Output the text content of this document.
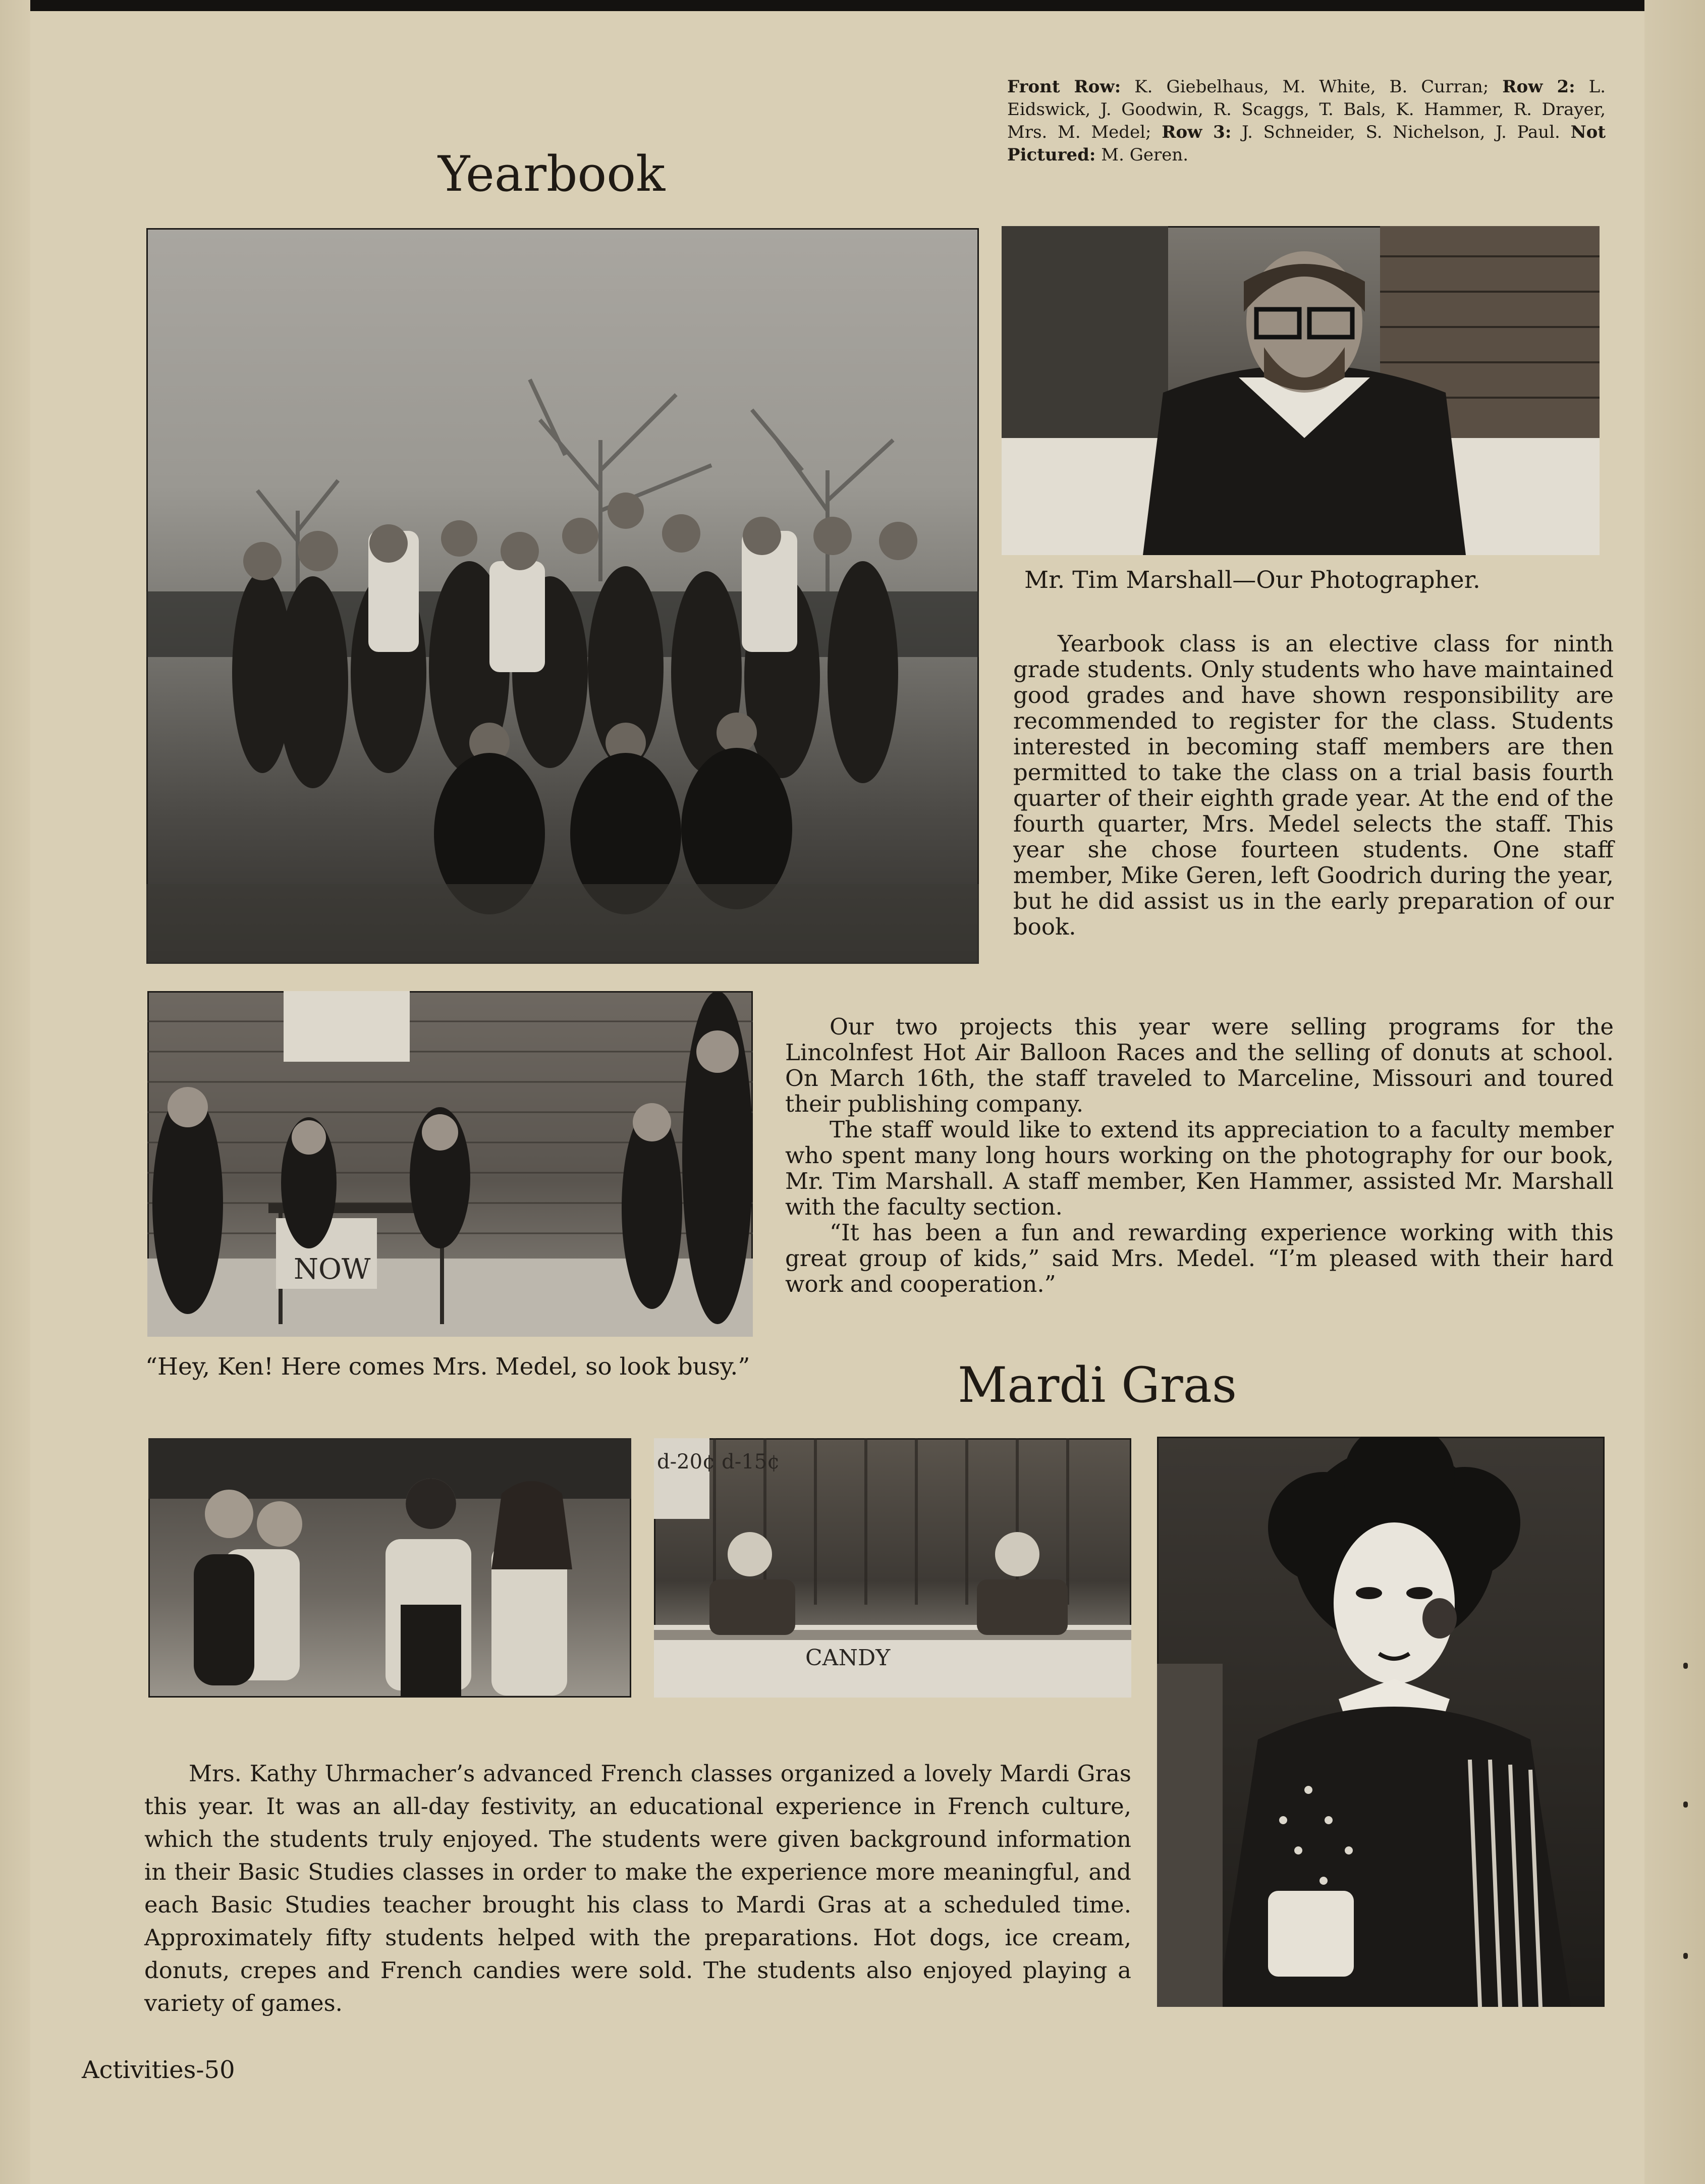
Yearbook
Front Row: K. Giebelhaus, M. White, B. Curran; Row 2: L. Eidswick, J. Goodwin, R. Scaggs, T. Bals, K. Hammer, R. Drayer, Mrs. M. Medel; Row 3: J. Schneider, S. Nichelson, J. Paul. Not Pictured: M. Geren.
Mr. Tim Marshall—Our Photographer.

Yearbook class is an elective class for ninth grade students. Only students who have maintained good grades and have shown responsibility are recommended to register for the class. Students interested in becoming staff members are then permitted to take the class on a trial basis fourth quarter of their eighth grade year. At the end of the fourth quarter, Mrs. Medel selects the staff. This year she chose fourteen students. One staff member, Mike Geren, left Goodrich during the year, but he did assist us in the early preparation of our book.

NOW

Our two projects this year were selling programs for the Lincolnfest Hot Air Balloon Races and the selling of donuts at school. On March 16th, the staff traveled to Marceline, Missouri and toured their publishing company.

The staff would like to extend its appreciation to a faculty member who spent many long hours working on the photography for our book, Mr. Tim Marshall. A staff member, Ken Hammer, assisted Mr. Marshall with the faculty section.

“It has been a fun and rewarding experience working with this great group of kids,” said Mrs. Medel. “I’m pleased with their hard work and cooperation.”

“Hey, Ken! Here comes Mrs. Medel, so look busy.”	Mardi Gras
d-20¢ d-15¢
CANDY

Mrs. Kathy Uhrmacher’s advanced French classes organized a lovely Mardi Gras this year. It was an all-day festivity, an educational experience in French culture, which the students truly enjoyed. The students were given background information in their Basic Studies classes in order to make the experience more meaningful, and each Basic Studies teacher brought his class to Mardi Gras at a scheduled time. Approximately fifty students helped with the preparations. Hot dogs, ice cream, donuts, crepes and French candies were sold. The students also enjoyed playing a variety of games.

Activities-50
